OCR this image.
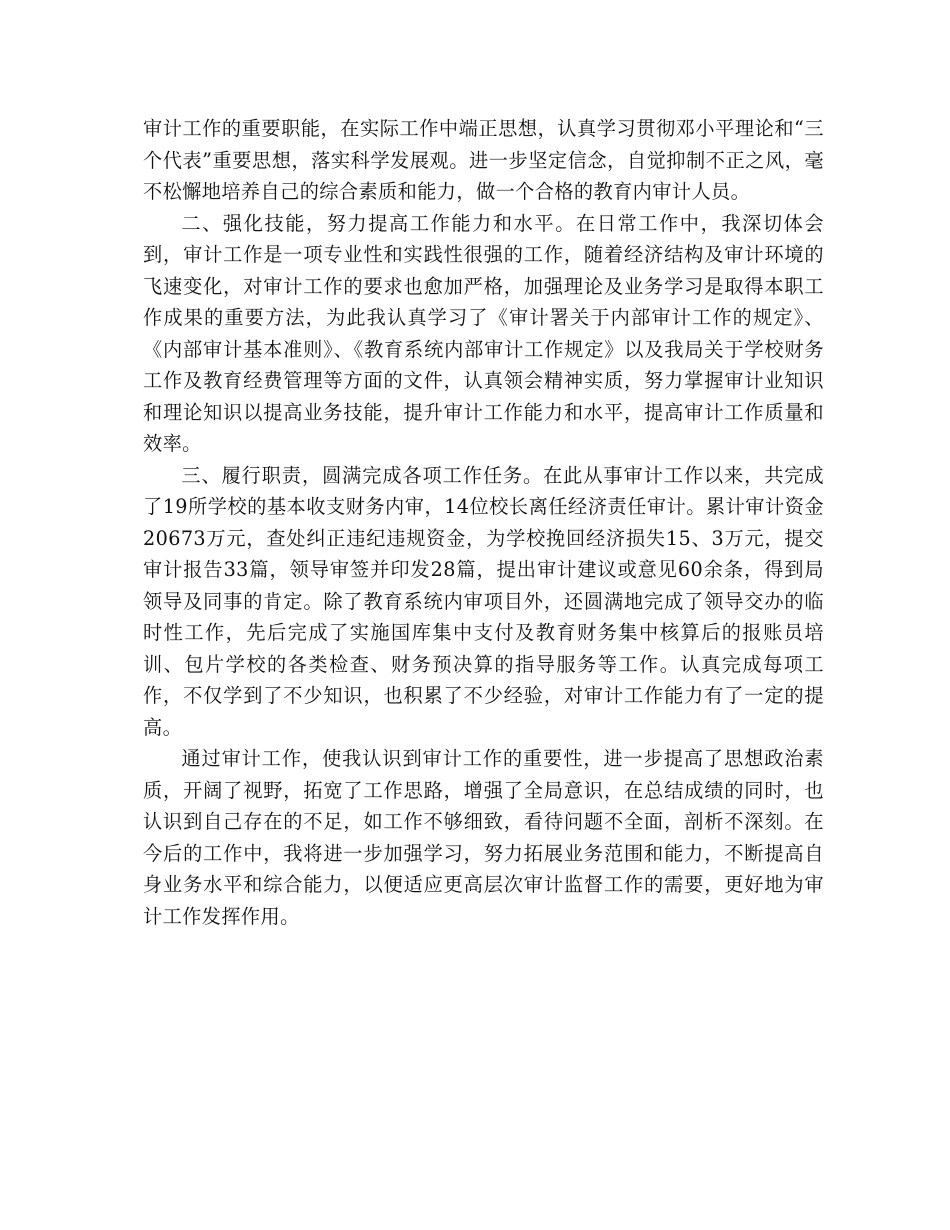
审计工作的重要职能，在实际工作中端正思想，认真学习贯彻邓小平理论和“三个代表”重要思想，落实科学发展观。进一步坚定信念，自觉抑制不正之风，毫不松懈地培养自己的综合素质和能力，做一个合格的教育内审计人员。

二、强化技能，努力提高工作能力和水平。在日常工作中，我深切体会到，审计工作是一项专业性和实践性很强的工作，随着经济结构及审计环境的飞速变化，对审计工作的要求也愈加严格，加强理论及业务学习是取得本职工作成果的重要方法，为此我认真学习了《审计署关于内部审计工作的规定》、《内部审计基本准则》、《教育系统内部审计工作规定》以及我局关于学校财务工作及教育经费管理等方面的文件，认真领会精神实质，努力掌握审计业知识和理论知识以提高业务技能，提升审计工作能力和水平，提高审计工作质量和效率。

三、履行职责，圆满完成各项工作任务。在此从事审计工作以来，共完成了19所学校的基本收支财务内审，14位校长离任经济责任审计。累计审计资金20673万元，查处纠正违纪违规资金，为学校挽回经济损失15、3万元，提交审计报告33篇，领导审签并印发28篇，提出审计建议或意见60余条，得到局领导及同事的肯定。除了教育系统内审项目外，还圆满地完成了领导交办的临时性工作，先后完成了实施国库集中支付及教育财务集中核算后的报账员培训、包片学校的各类检查、财务预决算的指导服务等工作。认真完成每项工作，不仅学到了不少知识，也积累了不少经验，对审计工作能力有了一定的提高。

通过审计工作，使我认识到审计工作的重要性，进一步提高了思想政治素质，开阔了视野，拓宽了工作思路，增强了全局意识，在总结成绩的同时，也认识到自己存在的不足，如工作不够细致，看待问题不全面，剖析不深刻。在今后的工作中，我将进一步加强学习，努力拓展业务范围和能力，不断提高自身业务水平和综合能力，以便适应更高层次审计监督工作的需要，更好地为审计工作发挥作用。
